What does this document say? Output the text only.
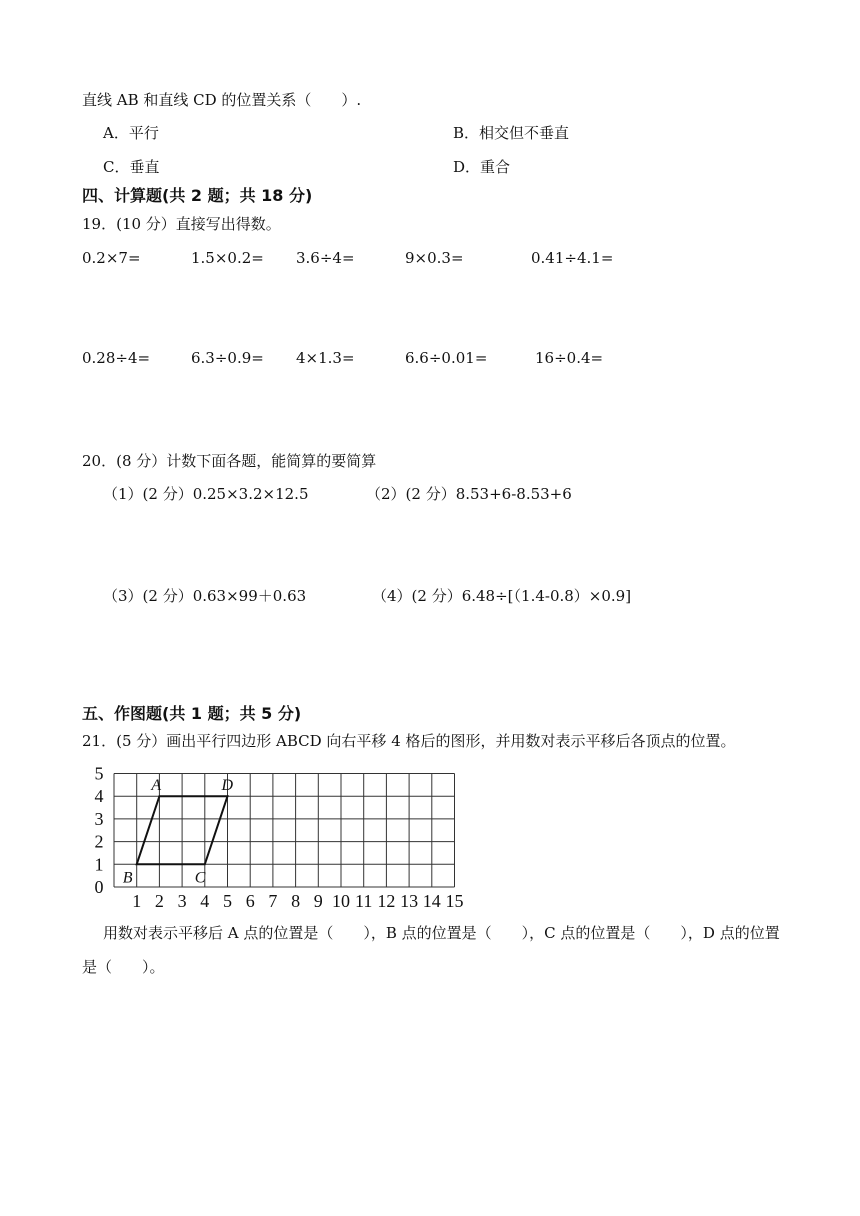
直线 AB 和直线 CD 的位置关系（　　）.
A．平行	B．相交但不垂直
C．垂直	D．重合
四、计算题(共 2 题；共 18 分)
19．(10 分）直接写出得数。
0.2×7=	1.5×0.2= 3.6÷4=	9×0.3=	0.41÷4.1=
0.28÷4=	6.3÷0.9= 4×1.3=	6.6÷0.01=	16÷0.4=
20．(8 分）计数下面各题，能简算的要简算
（1）(2 分）0.25×3.2×12.5	（2）(2 分）8.53+6-8.53+6
（3）(2 分）0.63×99＋0.63	（4）(2 分）6.48÷[（1.4-0.8）×0.9]
五、作图题(共 1 题；共 5 分)
21．(5 分）画出平行四边形 ABCD 向右平移 4 格后的图形，并用数对表示平移后各顶点的位置。
1 2 3 4 5 6 7 8 9 10 11 12 13 14 15
0
1
2
3
4
5
A
B	C
D
用数对表示平移后 A 点的位置是（　　），B 点的位置是（　　），C 点的位置是（　　），D 点的位置
是（　　）。
